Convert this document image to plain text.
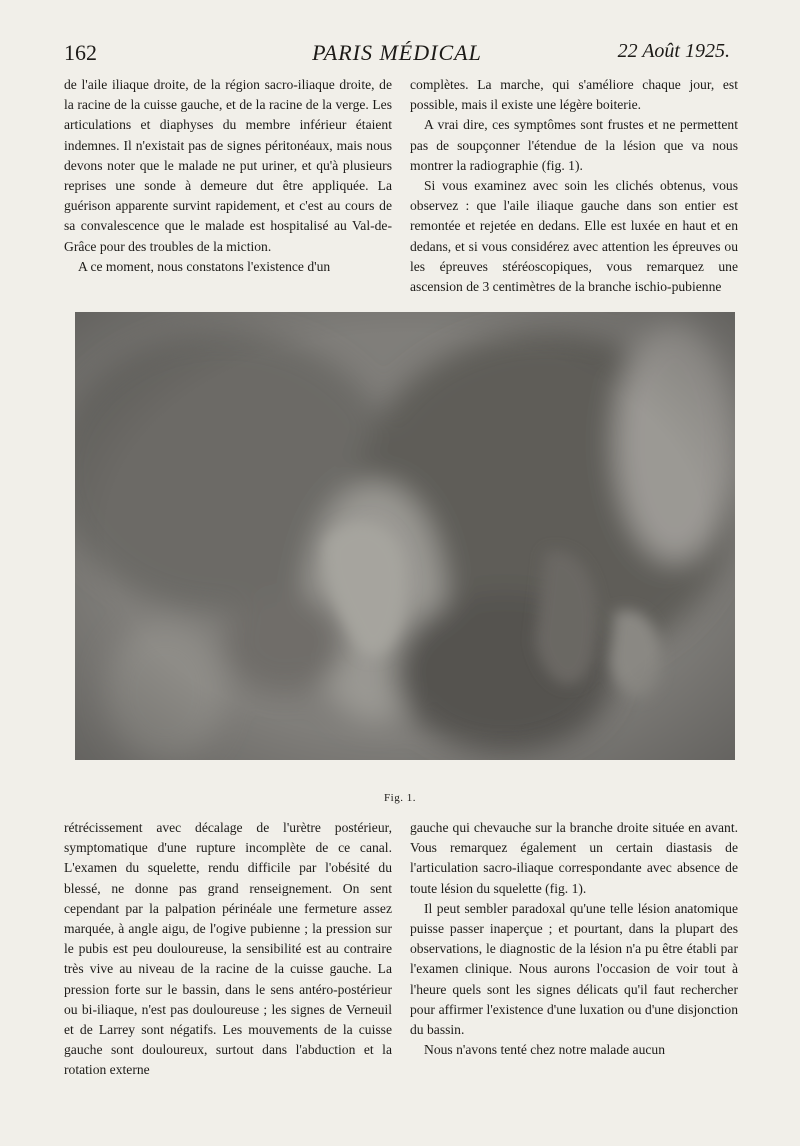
162	PARIS MÉDICAL	22 Août 1925.

de l'aile iliaque droite, de la région sacro-iliaque droite, de la racine de la cuisse gauche, et de la racine de la verge. Les articulations et diaphyses du membre inférieur étaient indemnes. Il n'existait pas de signes péritonéaux, mais nous devons noter que le malade ne put uriner, et qu'à plusieurs reprises une sonde à demeure dut être appliquée. La guérison apparente survint rapidement, et c'est au cours de sa convalescence que le malade est hospitalisé au Val-de-Grâce pour des troubles de la miction.

A ce moment, nous constatons l'existence d'un

complètes. La marche, qui s'améliore chaque jour, est possible, mais il existe une légère boiterie.

A vrai dire, ces symptômes sont frustes et ne permettent pas de soupçonner l'étendue de la lésion que va nous montrer la radiographie (fig. 1).

Si vous examinez avec soin les clichés obtenus, vous observez : que l'aile iliaque gauche dans son entier est remontée et rejetée en dedans. Elle est luxée en haut et en dedans, et si vous considérez avec attention les épreuves ou les épreuves stéréoscopiques, vous remarquez une ascension de 3 centimètres de la branche ischio-pubienne

Fig. 1.

rétrécissement avec décalage de l'urètre postérieur, symptomatique d'une rupture incomplète de ce canal. L'examen du squelette, rendu difficile par l'obésité du blessé, ne donne pas grand renseignement. On sent cependant par la palpation périnéale une fermeture assez marquée, à angle aigu, de l'ogive pubienne ; la pression sur le pubis est peu douloureuse, la sensibilité est au contraire très vive au niveau de la racine de la cuisse gauche. La pression forte sur le bassin, dans le sens antéro-postérieur ou bi-iliaque, n'est pas douloureuse ; les signes de Verneuil et de Larrey sont négatifs. Les mouvements de la cuisse gauche sont douloureux, surtout dans l'abduction et la rotation externe

gauche qui chevauche sur la branche droite située en avant. Vous remarquez également un certain diastasis de l'articulation sacro-iliaque correspondante avec absence de toute lésion du squelette (fig. 1).

Il peut sembler paradoxal qu'une telle lésion anatomique puisse passer inaperçue ; et pourtant, dans la plupart des observations, le diagnostic de la lésion n'a pu être établi par l'examen clinique. Nous aurons l'occasion de voir tout à l'heure quels sont les signes délicats qu'il faut rechercher pour affirmer l'existence d'une luxation ou d'une disjonction du bassin.

Nous n'avons tenté chez notre malade aucun
